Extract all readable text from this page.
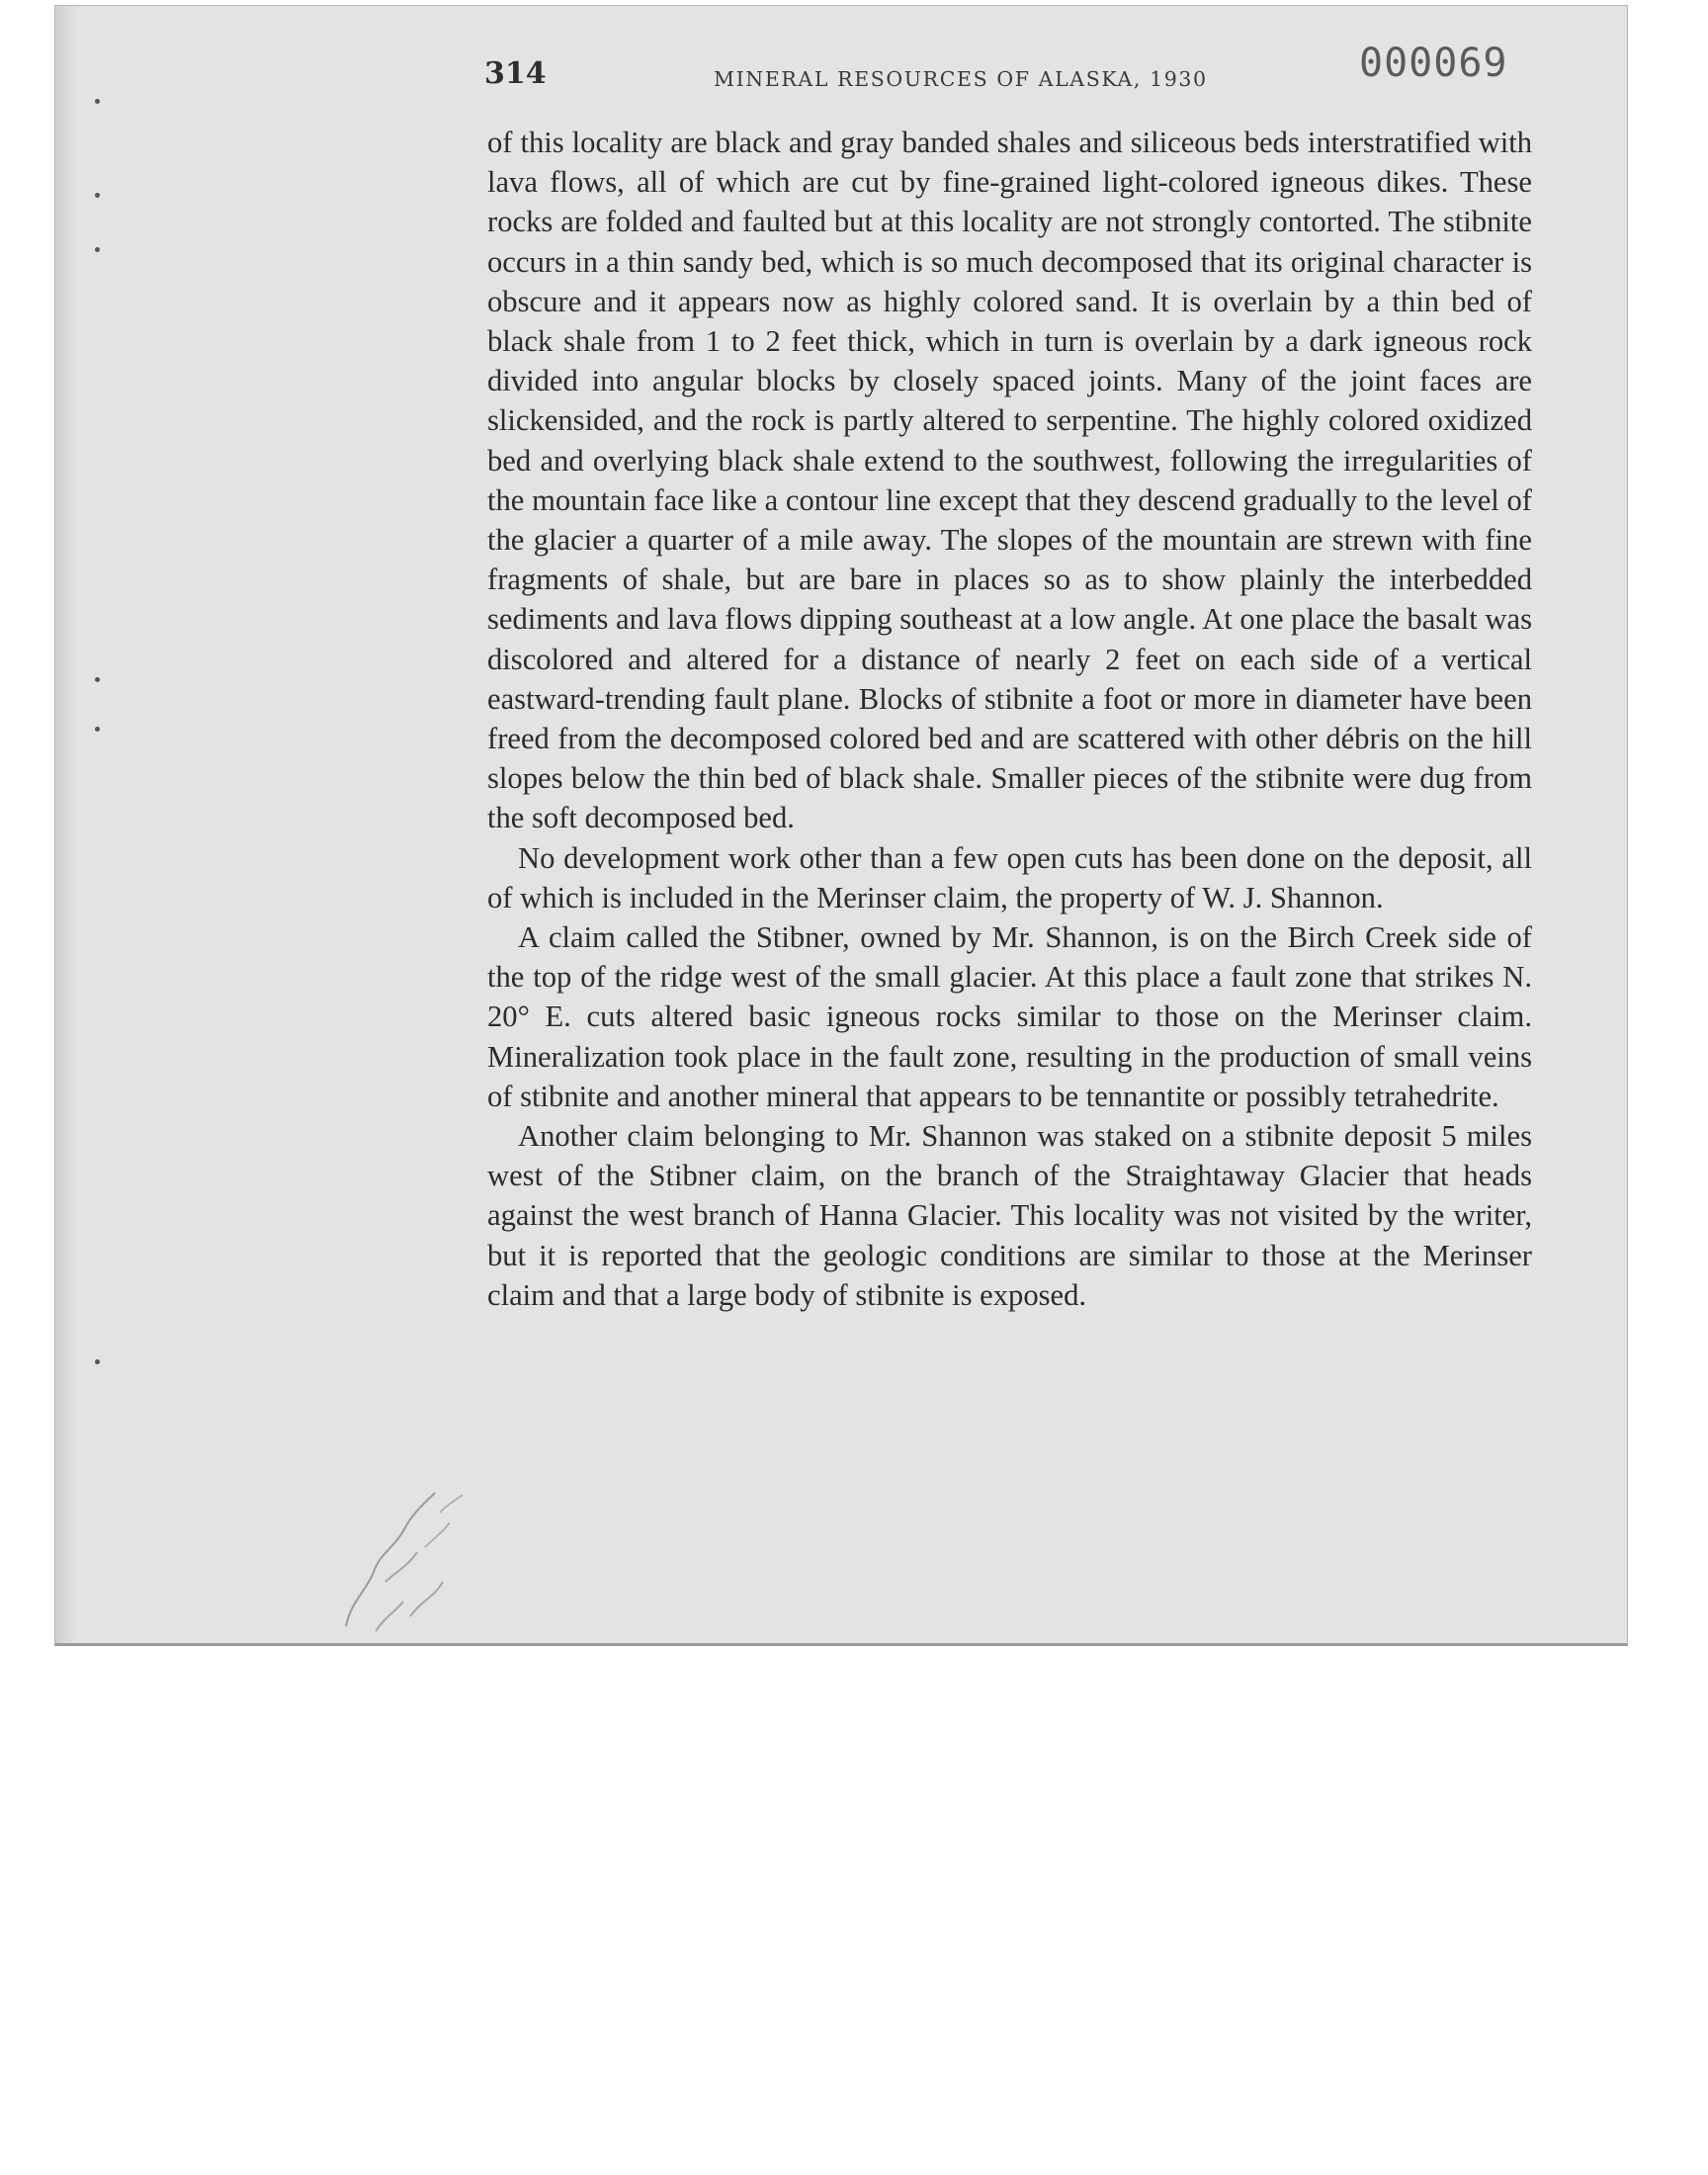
314	MINERAL RESOURCES OF ALASKA, 1930	000069

of this locality are black and gray banded shales and siliceous beds interstratified with lava flows, all of which are cut by fine-grained light-colored igneous dikes. These rocks are folded and faulted but at this locality are not strongly contorted. The stibnite occurs in a thin sandy bed, which is so much decomposed that its original character is obscure and it appears now as highly colored sand. It is overlain by a thin bed of black shale from 1 to 2 feet thick, which in turn is overlain by a dark igneous rock divided into angular blocks by closely spaced joints. Many of the joint faces are slickensided, and the rock is partly altered to serpentine. The highly colored oxidized bed and overlying black shale extend to the southwest, following the irregularities of the mountain face like a contour line except that they descend gradually to the level of the glacier a quarter of a mile away. The slopes of the mountain are strewn with fine fragments of shale, but are bare in places so as to show plainly the interbedded sediments and lava flows dipping southeast at a low angle. At one place the basalt was discolored and altered for a distance of nearly 2 feet on each side of a vertical eastward-trending fault plane. Blocks of stibnite a foot or more in diameter have been freed from the decomposed colored bed and are scattered with other débris on the hill slopes below the thin bed of black shale. Smaller pieces of the stibnite were dug from the soft decomposed bed.

No development work other than a few open cuts has been done on the deposit, all of which is included in the Merinser claim, the property of W. J. Shannon.

A claim called the Stibner, owned by Mr. Shannon, is on the Birch Creek side of the top of the ridge west of the small glacier. At this place a fault zone that strikes N. 20° E. cuts altered basic igneous rocks similar to those on the Merinser claim. Mineralization took place in the fault zone, resulting in the production of small veins of stibnite and another mineral that appears to be tennantite or possibly tetrahedrite.

Another claim belonging to Mr. Shannon was staked on a stibnite deposit 5 miles west of the Stibner claim, on the branch of the Straightaway Glacier that heads against the west branch of Hanna Glacier. This locality was not visited by the writer, but it is reported that the geologic conditions are similar to those at the Merinser claim and that a large body of stibnite is exposed.
